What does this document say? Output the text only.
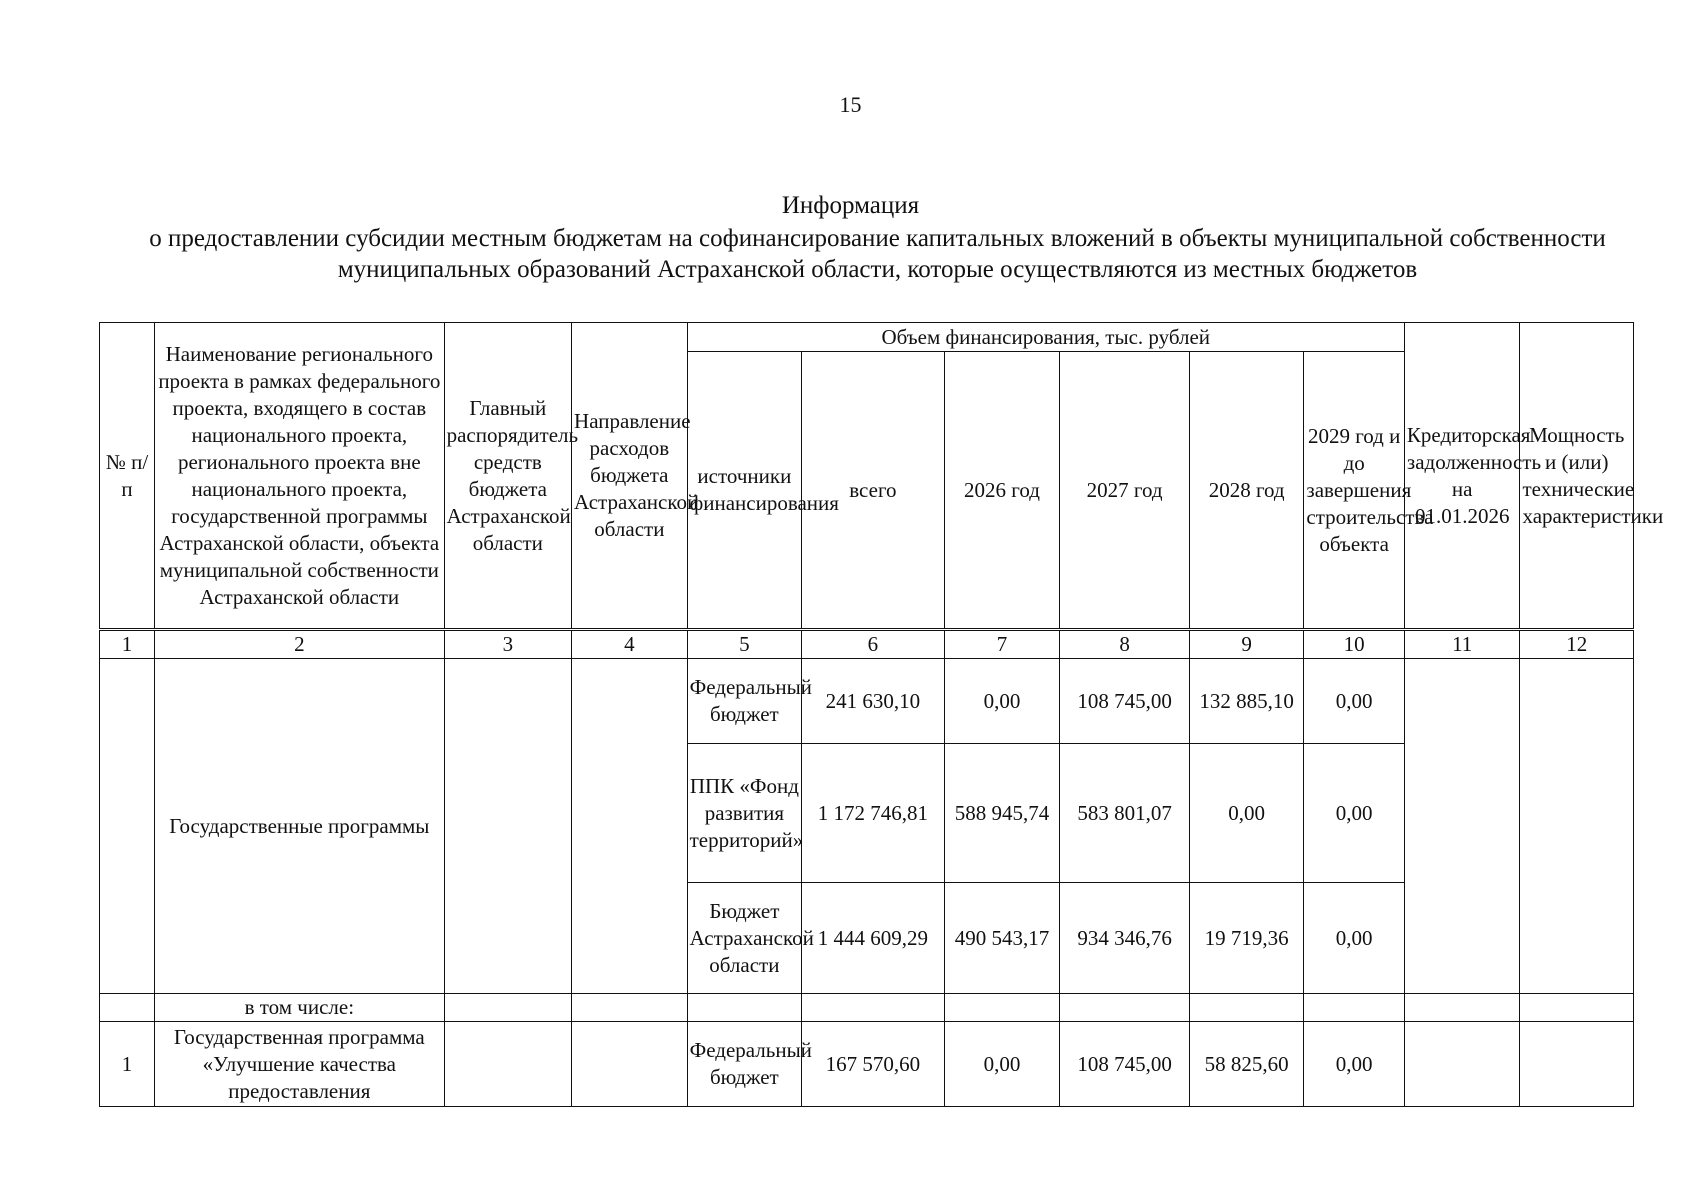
15
Информация
о предоставлении субсидии местным бюджетам на софинансирование капитальных вложений в объекты муниципальной собственности муниципальных образований Астраханской области, которые осуществляются из местных бюджетов
№ п/п	Наименование регионального проекта в рамках федерального проекта, входящего в состав национального проекта, регионального проекта вне национального проекта, государственной программы Астраханской области, объекта муниципальной собственности Астраханской области	Главный распорядитель средств бюджета Астраханской области	Направление расходов бюджета Астраханской области	Объем финансирования, тыс. рублей						Кредиторская задолженность на 01.01.2026	Мощность и (или) технические характеристики
				источники финансирования	всего	2026 год	2027 год	2028 год	2029 год и до завершения строительства объекта		
1	2	3	4	5	6	7	8	9	10	11	12
	Государственные программы			Федеральный бюджет	241 630,10	0,00	108 745,00	132 885,10	0,00		
				ППК «Фонд развития территорий»	1 172 746,81	588 945,74	583 801,07	0,00	0,00		
				Бюджет Астраханской области	1 444 609,29	490 543,17	934 346,76	19 719,36	0,00		
	в том числе:										
1	Государственная программа «Улучшение качества предоставления			Федеральный бюджет	167 570,60	0,00	108 745,00	58 825,60	0,00		
